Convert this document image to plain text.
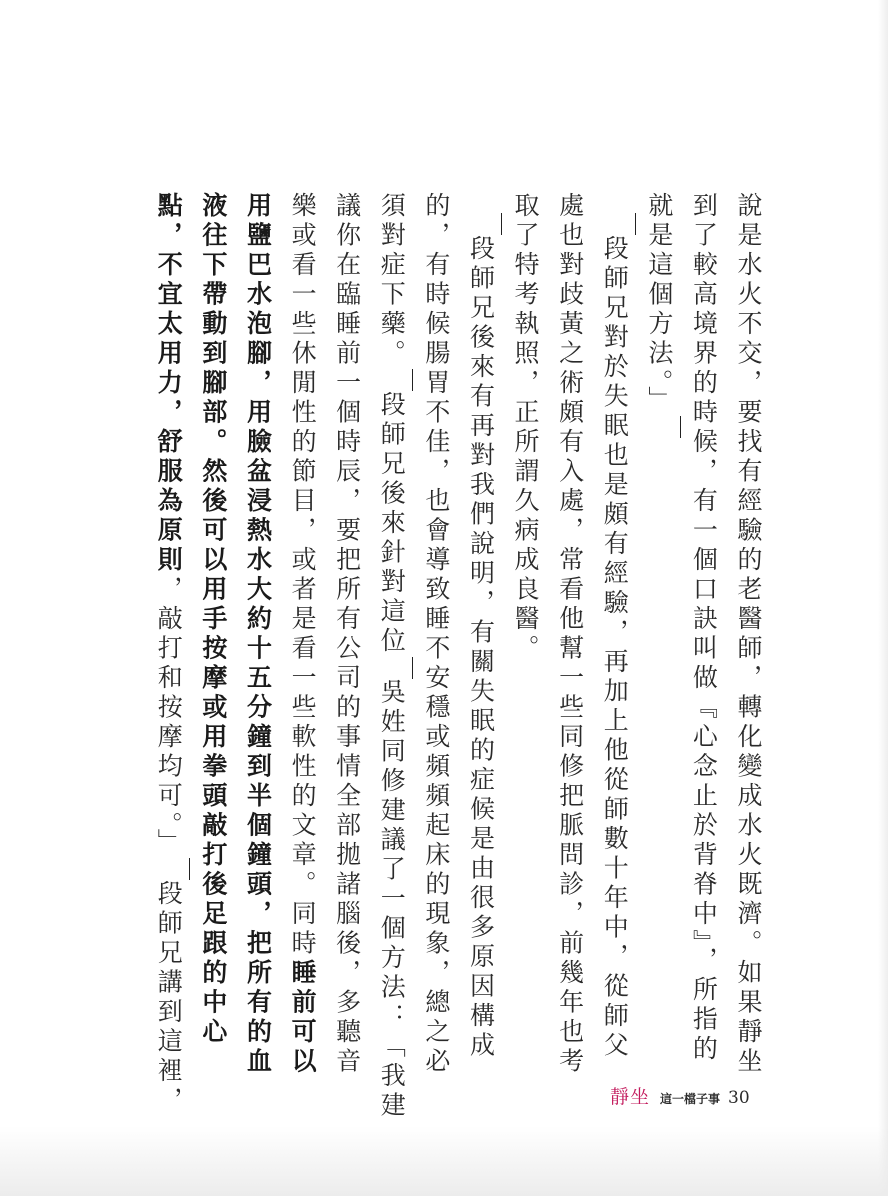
說是水火不交，要找有經驗的老醫師，轉化變成水火既濟。如果靜坐
到了較高境界的時候，有一個口訣叫做『心念止於背脊中』，所指的
就是這個方法。」
段師兄對於失眠也是頗有經驗，再加上他從師數十年中，從師父
處也對歧黃之術頗有入處，常看他幫一些同修把脈問診，前幾年也考
取了特考執照，正所謂久病成良醫。
段師兄後來有再對我們說明，有關失眠的症候是由很多原因構成
的，有時候腸胃不佳，也會導致睡不安穩或頻頻起床的現象，總之必
須對症下藥。段師兄後來針對這位吳姓同修建議了一個方法：「我建
議你在臨睡前一個時辰，要把所有公司的事情全部拋諸腦後，多聽音
樂或看一些休閒性的節目，或者是看一些軟性的文章。同時睡前可以
用鹽巴水泡腳，用臉盆浸熱水大約十五分鐘到半個鐘頭，把所有的血
液往下帶動到腳部。然後可以用手按摩或用拳頭敲打後足跟的中心
點，不宜太用力，舒服為原則，敲打和按摩均可。」段師兄講到這裡，	靜坐 這一檔子事 30
